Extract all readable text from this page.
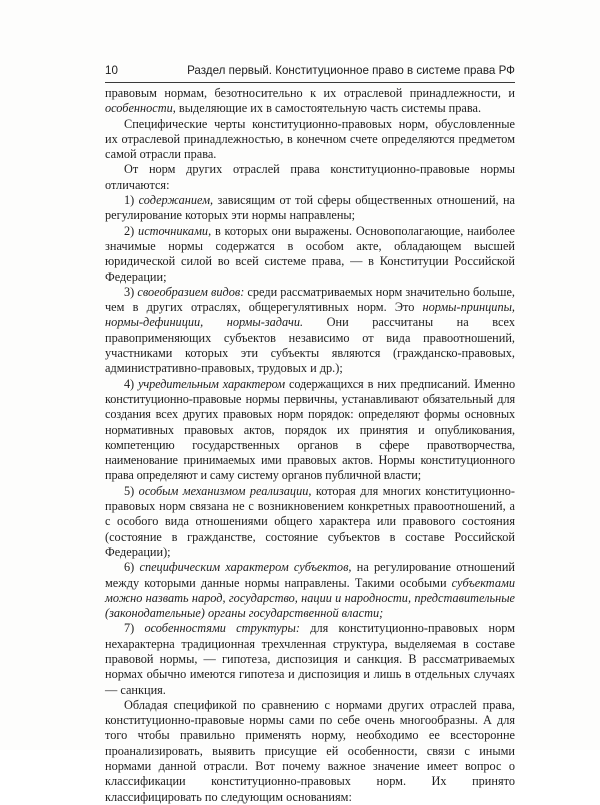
10	Раздел первый. Конституционное право в системе права РФ

правовым нормам, безотносительно к их отраслевой принадлежности, и особенности, выделяющие их в самостоятельную часть системы права.

Специфические черты конституционно-правовых норм, обусловленные их отраслевой принадлежностью, в конечном счете определяются предметом самой отрасли права.

От норм других отраслей права конституционно-правовые нормы отличаются:

1) содержанием, зависящим от той сферы общественных отношений, на регулирование которых эти нормы направлены;

2) источниками, в которых они выражены. Основополагающие, наиболее значимые нормы содержатся в особом акте, обладающем высшей юридической силой во всей системе права, — в Конституции Российской Федерации;

3) своеобразием видов: среди рассматриваемых норм значительно больше, чем в других отраслях, общерегулятивных норм. Это нормы-принципы, нормы-дефиниции, нормы-задачи. Они рассчитаны на всех правоприменяющих субъектов независимо от вида правоотношений, участниками которых эти субъекты являются (гражданско-правовых, административно-правовых, трудовых и др.);

4) учредительным характером содержащихся в них предписаний. Именно конституционно-правовые нормы первичны, устанавливают обязательный для создания всех других правовых норм порядок: определяют формы основных нормативных правовых актов, порядок их принятия и опубликования, компетенцию государственных органов в сфере правотворчества, наименование принимаемых ими правовых актов. Нормы конституционного права определяют и саму систему органов публичной власти;

5) особым механизмом реализации, которая для многих конституционно-правовых норм связана не с возникновением конкретных правоотношений, а с особого вида отношениями общего характера или правового состояния (состояние в гражданстве, состояние субъектов в составе Российской Федерации);

6) специфическим характером субъектов, на регулирование отношений между которыми данные нормы направлены. Такими особыми субъектами можно назвать народ, государство, нации и народности, представительные (законодательные) органы государственной власти;

7) особенностями структуры: для конституционно-правовых норм нехарактерна традиционная трехчленная структура, выделяемая в составе правовой нормы, — гипотеза, диспозиция и санкция. В рассматриваемых нормах обычно имеются гипотеза и диспозиция и лишь в отдельных случаях — санкция.

Обладая спецификой по сравнению с нормами других отраслей права, конституционно-правовые нормы сами по себе очень многообразны. А для того чтобы правильно применять норму, необходимо ее всесторонне проанализировать, выявить присущие ей особенности, связи с иными нормами данной отрасли. Вот почему важное значение имеет вопрос о классификации конституционно-правовых норм. Их принято классифицировать по следующим основаниям:
